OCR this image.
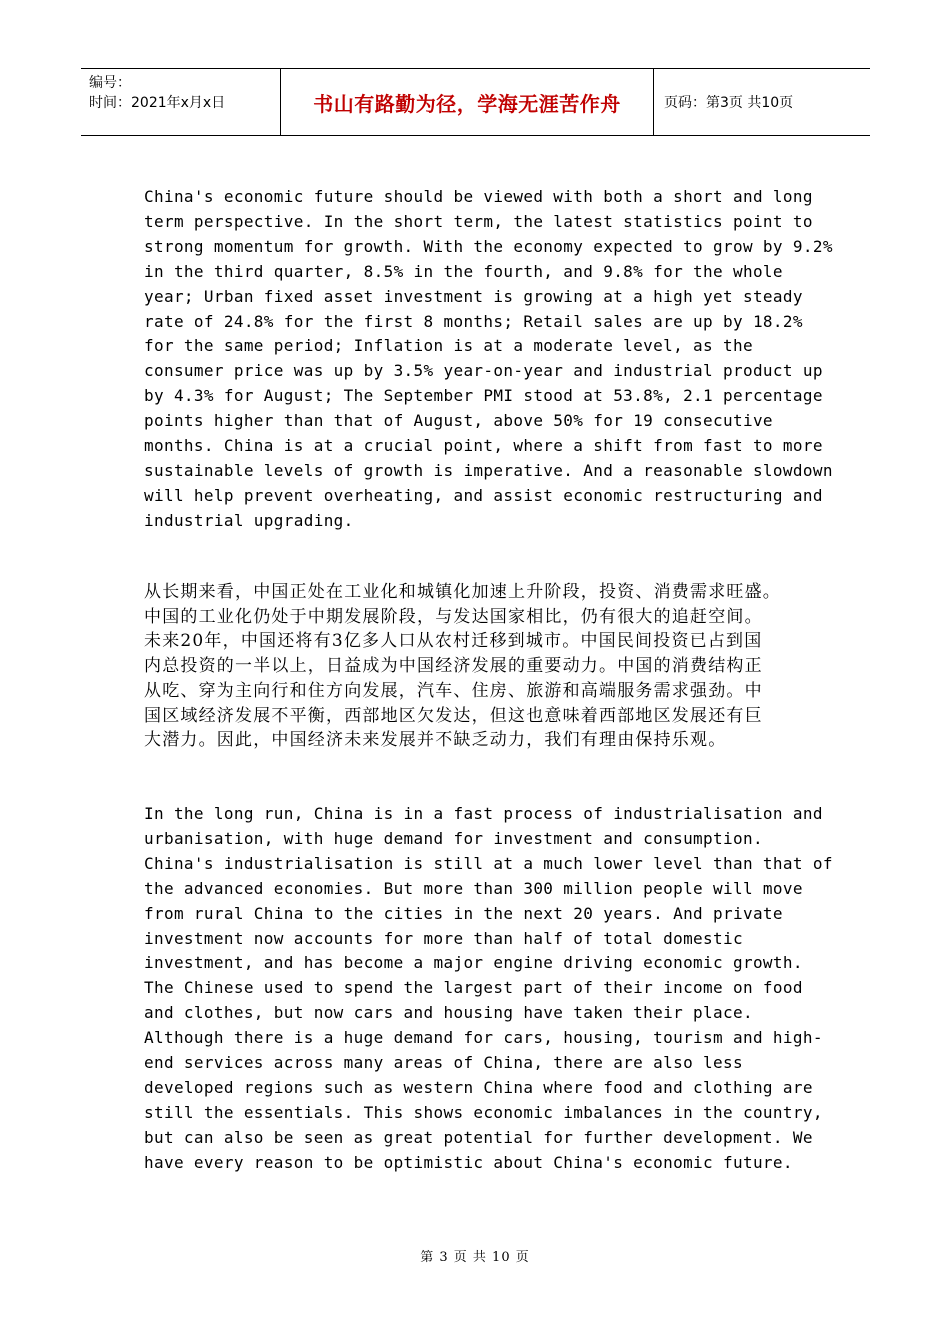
编号：
时间：2021年x月x日	书山有路勤为径，学海无涯苦作舟	页码：第3页 共10页
China's economic future should be viewed with both a short and long
term perspective. In the short term, the latest statistics point to
strong momentum for growth. With the economy expected to grow by 9.2%
in the third quarter, 8.5% in the fourth, and 9.8% for the whole
year; Urban fixed asset investment is growing at a high yet steady
rate of 24.8% for the first 8 months; Retail sales are up by 18.2%
for the same period; Inflation is at a moderate level, as the
consumer price was up by 3.5% year-on-year and industrial product up
by 4.3% for August; The September PMI stood at 53.8%, 2.1 percentage
points higher than that of August, above 50% for 19 consecutive
months. China is at a crucial point, where a shift from fast to more
sustainable levels of growth is imperative. And a reasonable slowdown
will help prevent overheating, and assist economic restructuring and
industrial upgrading.
从长期来看，中国正处在工业化和城镇化加速上升阶段，投资、消费需求旺盛。
中国的工业化仍处于中期发展阶段，与发达国家相比，仍有很大的追赶空间。
未来20年，中国还将有3亿多人口从农村迁移到城市。中国民间投资已占到国
内总投资的一半以上，日益成为中国经济发展的重要动力。中国的消费结构正
从吃、穿为主向行和住方向发展，汽车、住房、旅游和高端服务需求强劲。中
国区域经济发展不平衡，西部地区欠发达，但这也意味着西部地区发展还有巨
大潜力。因此，中国经济未来发展并不缺乏动力，我们有理由保持乐观。
In the long run, China is in a fast process of industrialisation and
urbanisation, with huge demand for investment and consumption.
China's industrialisation is still at a much lower level than that of
the advanced economies. But more than 300 million people will move
from rural China to the cities in the next 20 years. And private
investment now accounts for more than half of total domestic
investment, and has become a major engine driving economic growth.
The Chinese used to spend the largest part of their income on food
and clothes, but now cars and housing have taken their place.
Although there is a huge demand for cars, housing, tourism and high-
end services across many areas of China, there are also less
developed regions such as western China where food and clothing are
still the essentials. This shows economic imbalances in the country,
but can also be seen as great potential for further development. We
have every reason to be optimistic about China's economic future.
第 3 页 共 10 页
